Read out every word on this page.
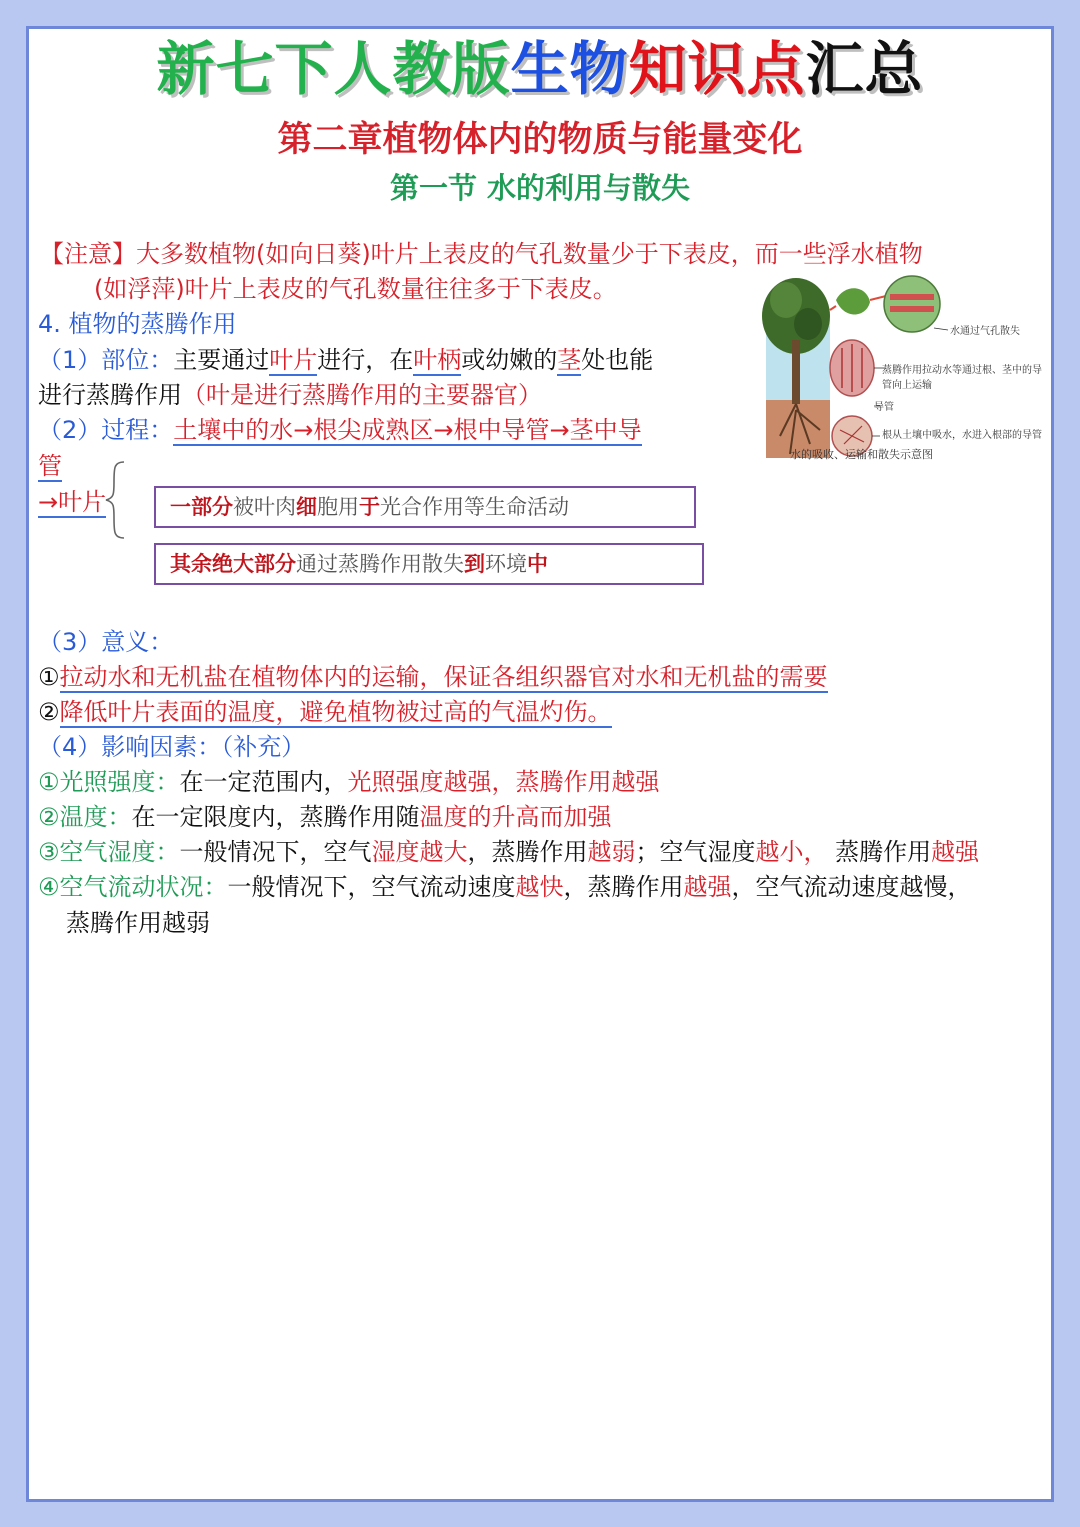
新七下人教版生物知识点汇总
第二章植物体内的物质与能量变化
第一节 水的利用与散失
【注意】大多数植物(如向日葵)叶片上表皮的气孔数量少于下表皮，而一些浮水植物
(如浮萍)叶片上表皮的气孔数量往往多于下表皮。
4. 植物的蒸腾作用
（1）部位：主要通过叶片进行，在叶柄或幼嫩的茎处也能
进行蒸腾作用（叶是进行蒸腾作用的主要器官）
（2）过程：土壤中的水→根尖成熟区→根中导管→茎中导
管
→叶片	一部分被叶肉细胞用于光合作用等生命活动
其余绝大部分通过蒸腾作用散失到环境中
水通过气孔散失
蒸腾作用拉动水等通过根、茎中的导
管向上运输
导管
根从土壤中吸水，水进入根部的导管
水的吸收、运输和散失示意图
（3）意义：
①拉动水和无机盐在植物体内的运输，保证各组织器官对水和无机盐的需要
②降低叶片表面的温度，避免植物被过高的气温灼伤。
（4）影响因素：（补充）
①光照强度：在一定范围内，光照强度越强，蒸腾作用越强
②温度：在一定限度内，蒸腾作用随温度的升高而加强
③空气湿度：一般情况下，空气湿度越大，蒸腾作用越弱；空气湿度越小， 蒸腾作用越强
④空气流动状况：一般情况下，空气流动速度越快，蒸腾作用越强，空气流动速度越慢，
蒸腾作用越弱
